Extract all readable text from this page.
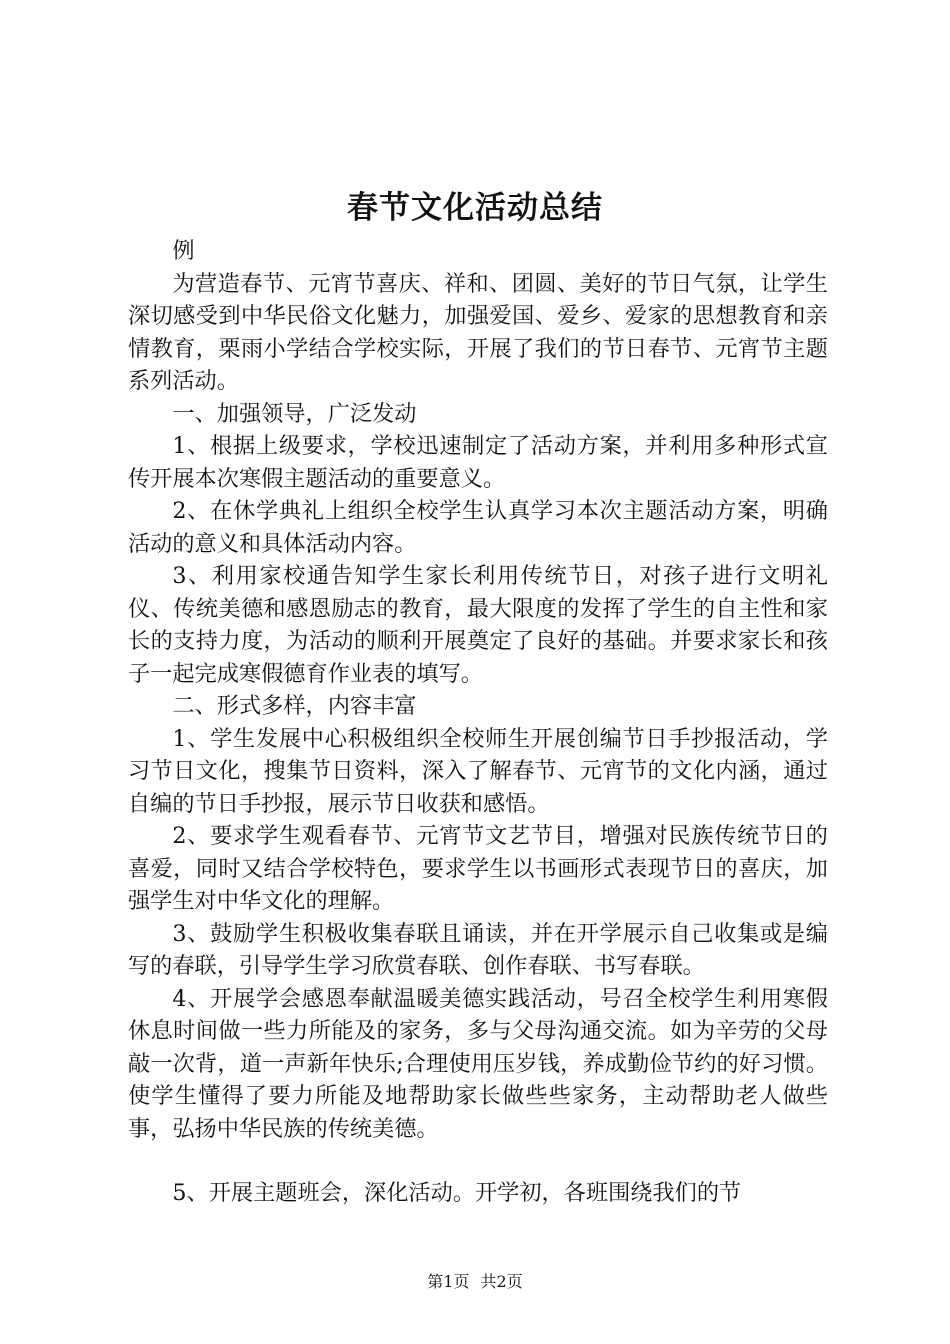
春节文化活动总结

例

为营造春节、元宵节喜庆、祥和、团圆、美好的节日气氛，让学生深切感受到中华民俗文化魅力，加强爱国、爱乡、爱家的思想教育和亲情教育，栗雨小学结合学校实际，开展了我们的节日春节、元宵节主题系列活动。

一、加强领导，广泛发动

1、根据上级要求，学校迅速制定了活动方案，并利用多种形式宣传开展本次寒假主题活动的重要意义。

2、在休学典礼上组织全校学生认真学习本次主题活动方案，明确活动的意义和具体活动内容。

3、利用家校通告知学生家长利用传统节日，对孩子进行文明礼仪、传统美德和感恩励志的教育，最大限度的发挥了学生的自主性和家长的支持力度，为活动的顺利开展奠定了良好的基础。并要求家长和孩子一起完成寒假德育作业表的填写。

二、形式多样，内容丰富

1、学生发展中心积极组织全校师生开展创编节日手抄报活动，学习节日文化，搜集节日资料，深入了解春节、元宵节的文化内涵，通过自编的节日手抄报，展示节日收获和感悟。

2、要求学生观看春节、元宵节文艺节目，增强对民族传统节日的喜爱，同时又结合学校特色，要求学生以书画形式表现节日的喜庆，加强学生对中华文化的理解。

3、鼓励学生积极收集春联且诵读，并在开学展示自己收集或是编写的春联，引导学生学习欣赏春联、创作春联、书写春联。

4、开展学会感恩奉献温暖美德实践活动，号召全校学生利用寒假休息时间做一些力所能及的家务，多与父母沟通交流。如为辛劳的父母敲一次背，道一声新年快乐;合理使用压岁钱，养成勤俭节约的好习惯。使学生懂得了要力所能及地帮助家长做些些家务，主动帮助老人做些事，弘扬中华民族的传统美德。

5、开展主题班会，深化活动。开学初，各班围绕我们的节

第1页 共2页
